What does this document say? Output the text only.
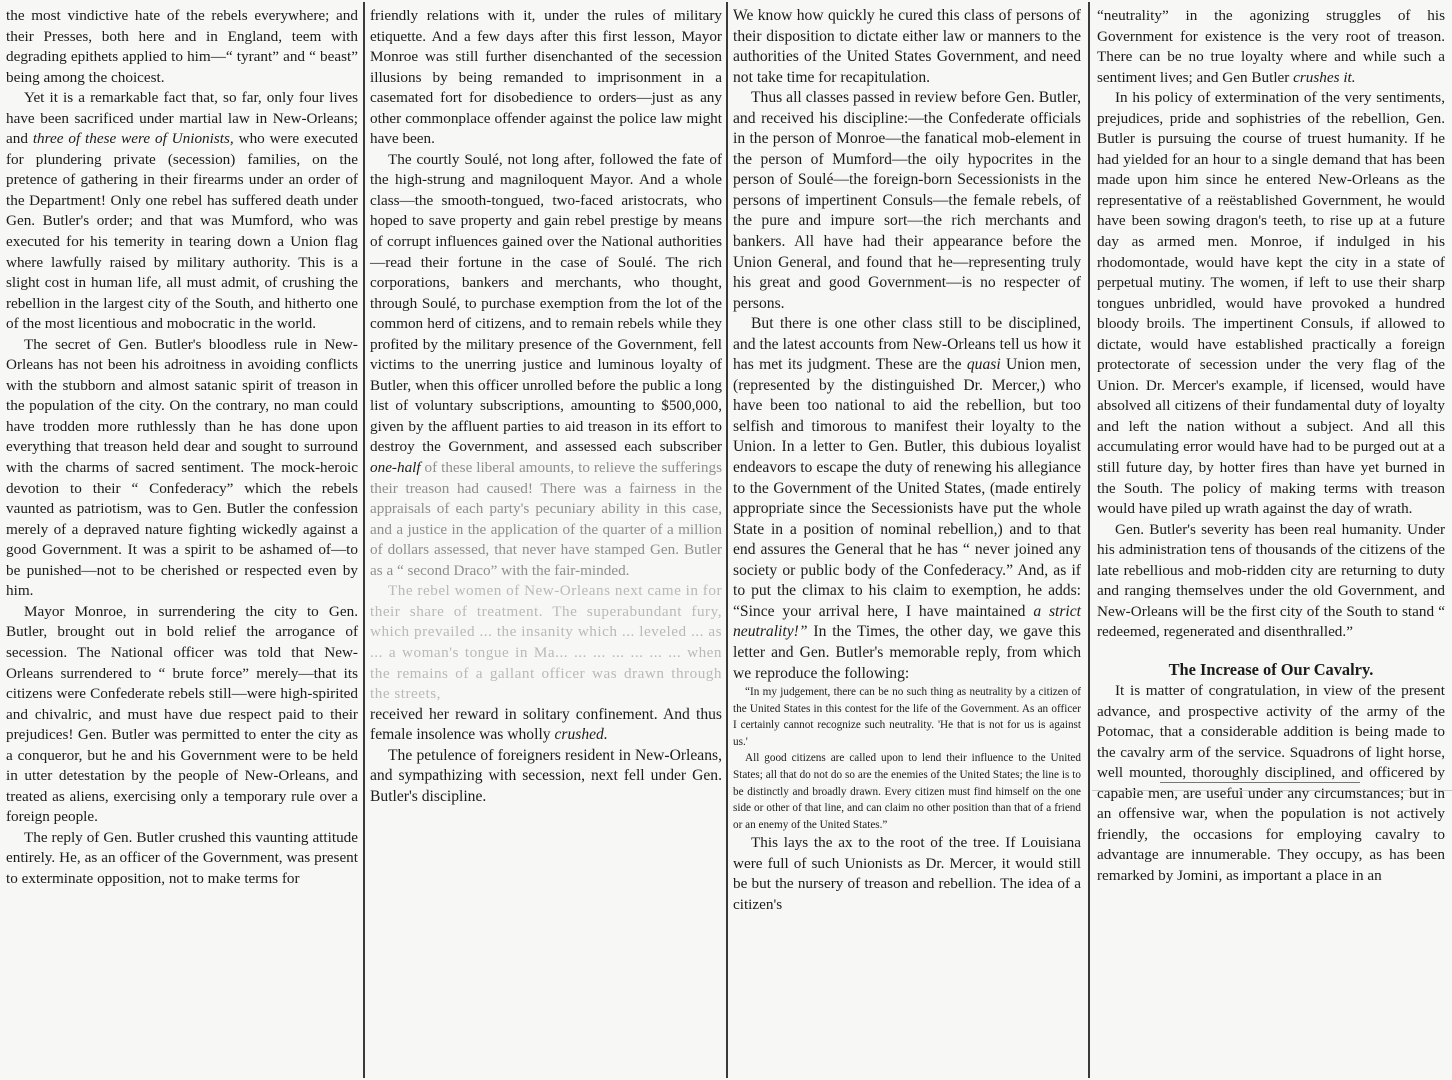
the most vindictive hate of the rebels everywhere; and their Presses, both here and in England, teem with degrading epithets applied to him—“ tyrant” and “ beast” being among the choicest.

Yet it is a remarkable fact that, so far, only four lives have been sacrificed under martial law in New-Orleans; and three of these were of Unionists, who were executed for plundering private (secession) families, on the pretence of gathering in their firearms under an order of the Department! Only one rebel has suffered death under Gen. Butler's order; and that was Mumford, who was executed for his temerity in tearing down a Union flag where lawfully raised by military authority. This is a slight cost in human life, all must admit, of crushing the rebellion in the largest city of the South, and hitherto one of the most licentious and mobocratic in the world.

The secret of Gen. Butler's bloodless rule in New-Orleans has not been his adroitness in avoiding conflicts with the stubborn and almost satanic spirit of treason in the population of the city. On the contrary, no man could have trodden more ruthlessly than he has done upon everything that treason held dear and sought to surround with the charms of sacred sentiment. The mock-heroic devotion to their “ Confederacy” which the rebels vaunted as patriotism, was to Gen. Butler the confession merely of a depraved nature fighting wickedly against a good Government. It was a spirit to be ashamed of—to be punished—not to be cherished or respected even by him.

Mayor Monroe, in surrendering the city to Gen. Butler, brought out in bold relief the arrogance of secession. The National officer was told that New-Orleans surrendered to “ brute force” merely—that its citizens were Confederate rebels still—were high-spirited and chivalric, and must have due respect paid to their prejudices! Gen. Butler was permitted to enter the city as a conqueror, but he and his Government were to be held in utter detestation by the people of New-Orleans, and treated as aliens, exercising only a temporary rule over a foreign people.

The reply of Gen. Butler crushed this vaunting attitude entirely. He, as an officer of the Government, was present to exterminate opposition, not to make terms for

friendly relations with it, under the rules of military etiquette. And a few days after this first lesson, Mayor Monroe was still further disenchanted of the secession illusions by being remanded to imprisonment in a casemated fort for disobedience to orders—just as any other commonplace offender against the police law might have been.

The courtly Soulé, not long after, followed the fate of the high-strung and magniloquent Mayor. And a whole class—the smooth-tongued, two-faced aristocrats, who hoped to save property and gain rebel prestige by means of corrupt influences gained over the National authorities—read their fortune in the case of Soulé. The rich corporations, bankers and merchants, who thought, through Soulé, to purchase exemption from the lot of the common herd of citizens, and to remain rebels while they profited by the military presence of the Government, fell victims to the unerring justice and luminous loyalty of Butler, when this officer unrolled before the public a long list of voluntary subscriptions, amounting to $500,000, given by the affluent parties to aid treason in its effort to destroy the Government, and assessed each subscriber one-half of these liberal amounts, to relieve the sufferings their treason had caused! There was a fairness in the appraisals of each party's pecuniary ability in this case, and a justice in the application of the quarter of a million of dollars assessed, that never have stamped Gen. Butler as a “ second Draco” with the fair-minded.

The rebel women of New-Orleans next came in for their share of treatment. The superabundant fury, which prevailed ... the insanity which ... leveled ... as ... a woman's tongue in Ma... ... ... ... ... ... ... when the remains of a gallant officer was drawn through the streets,

received her reward in solitary confinement. And thus female insolence was wholly crushed.

The petulence of foreigners resident in New-Orleans, and sympathizing with secession, next fell under Gen. Butler's discipline.

We know how quickly he cured this class of persons of their disposition to dictate either law or manners to the authorities of the United States Government, and need not take time for recapitulation.

Thus all classes passed in review before Gen. Butler, and received his discipline:—the Confederate officials in the person of Monroe—the fanatical mob-element in the person of Mumford—the oily hypocrites in the person of Soulé—the foreign-born Secessionists in the persons of impertinent Consuls—the female rebels, of the pure and impure sort—the rich merchants and bankers. All have had their appearance before the Union General, and found that he—representing truly his great and good Government—is no respecter of persons.

But there is one other class still to be disciplined, and the latest accounts from New-Orleans tell us how it has met its judgment. These are the quasi Union men, (represented by the distinguished Dr. Mercer,) who have been too national to aid the rebellion, but too selfish and timorous to manifest their loyalty to the Union. In a letter to Gen. Butler, this dubious loyalist endeavors to escape the duty of renewing his allegiance to the Government of the United States, (made entirely appropriate since the Secessionists have put the whole State in a position of nominal rebellion,) and to that end assures the General that he has “ never joined any society or public body of the Confederacy.” And, as if to put the climax to his claim to exemption, he adds: “Since your arrival here, I have maintained a strict neutrality!” In the Times, the other day, we gave this letter and Gen. Butler's memorable reply, from which we reproduce the following:

“In my judgement, there can be no such thing as neutrality by a citizen of the United States in this contest for the life of the Government. As an officer I certainly cannot recognize such neutrality. 'He that is not for us is against us.'

All good citizens are called upon to lend their influence to the United States; all that do not do so are the enemies of the United States; the line is to be distinctly and broadly drawn. Every citizen must find himself on the one side or other of that line, and can claim no other position than that of a friend or an enemy of the United States.”

This lays the ax to the root of the tree. If Louisiana were full of such Unionists as Dr. Mercer, it would still be but the nursery of treason and rebellion. The idea of a citizen's

“neutrality” in the agonizing struggles of his Government for existence is the very root of treason. There can be no true loyalty where and while such a sentiment lives; and Gen Butler crushes it.

In his policy of extermination of the very sentiments, prejudices, pride and sophistries of the rebellion, Gen. Butler is pursuing the course of truest humanity. If he had yielded for an hour to a single demand that has been made upon him since he entered New-Orleans as the representative of a reëstablished Government, he would have been sowing dragon's teeth, to rise up at a future day as armed men. Monroe, if indulged in his rhodomontade, would have kept the city in a state of perpetual mutiny. The women, if left to use their sharp tongues unbridled, would have provoked a hundred bloody broils. The impertinent Consuls, if allowed to dictate, would have established practically a foreign protectorate of secession under the very flag of the Union. Dr. Mercer's example, if licensed, would have absolved all citizens of their fundamental duty of loyalty and left the nation without a subject. And all this accumulating error would have had to be purged out at a still future day, by hotter fires than have yet burned in the South. The policy of making terms with treason would have piled up wrath against the day of wrath.

Gen. Butler's severity has been real humanity. Under his administration tens of thousands of the citizens of the late rebellious and mob-ridden city are returning to duty and ranging themselves under the old Government, and New-Orleans will be the first city of the South to stand “ redeemed, regenerated and disenthralled.”

The Increase of Our Cavalry.

It is matter of congratulation, in view of the present advance, and prospective activity of the army of the Potomac, that a considerable addition is being made to the cavalry arm of the service. Squadrons of light horse, well mounted, thoroughly disciplined, and officered by capable men, are useful under any circumstances; but in an offensive war, when the population is not actively friendly, the occasions for employing cavalry to advantage are innumerable. They occupy, as has been remarked by Jomini, as important a place in an
